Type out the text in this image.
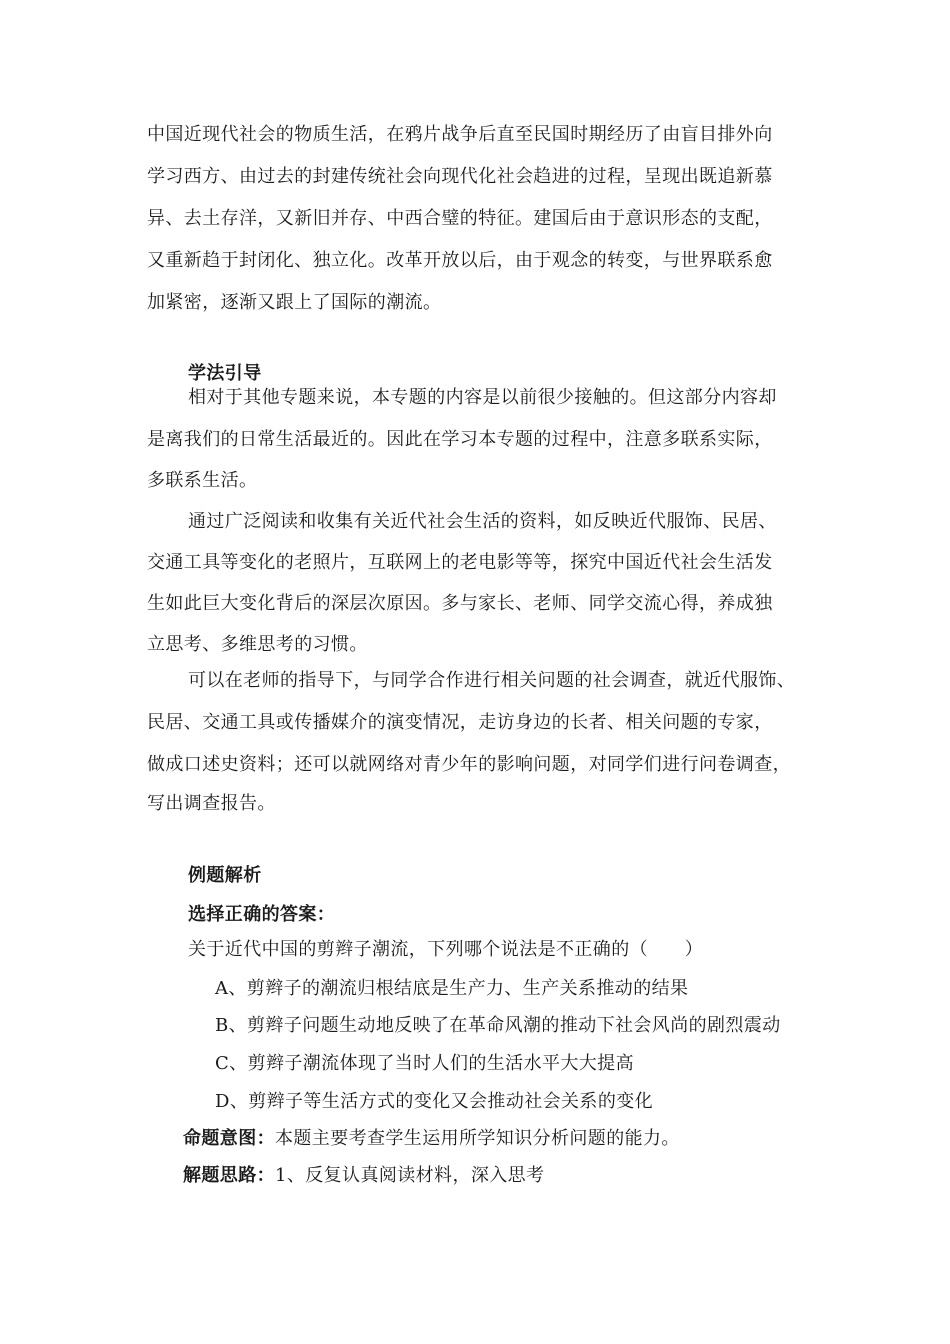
中国近现代社会的物质生活，在鸦片战争后直至民国时期经历了由盲目排外向
学习西方、由过去的封建传统社会向现代化社会趋进的过程，呈现出既追新慕
异、去土存洋，又新旧并存、中西合璧的特征。建国后由于意识形态的支配，
又重新趋于封闭化、独立化。改革开放以后，由于观念的转变，与世界联系愈
加紧密，逐渐又跟上了国际的潮流。
学法引导
相对于其他专题来说，本专题的内容是以前很少接触的。但这部分内容却
是离我们的日常生活最近的。因此在学习本专题的过程中，注意多联系实际，
多联系生活。
通过广泛阅读和收集有关近代社会生活的资料，如反映近代服饰、民居、
交通工具等变化的老照片，互联网上的老电影等等，探究中国近代社会生活发
生如此巨大变化背后的深层次原因。多与家长、老师、同学交流心得，养成独
立思考、多维思考的习惯。
可以在老师的指导下，与同学合作进行相关问题的社会调查，就近代服饰、
民居、交通工具或传播媒介的演变情况，走访身边的长者、相关问题的专家，
做成口述史资料；还可以就网络对青少年的影响问题，对同学们进行问卷调查，
写出调查报告。
例题解析
选择正确的答案：
关于近代中国的剪辫子潮流，下列哪个说法是不正确的（　　）
A、剪辫子的潮流归根结底是生产力、生产关系推动的结果
B、剪辫子问题生动地反映了在革命风潮的推动下社会风尚的剧烈震动
C、剪辫子潮流体现了当时人们的生活水平大大提高
D、剪辫子等生活方式的变化又会推动社会关系的变化
命题意图：本题主要考查学生运用所学知识分析问题的能力。
解题思路：1、反复认真阅读材料，深入思考
